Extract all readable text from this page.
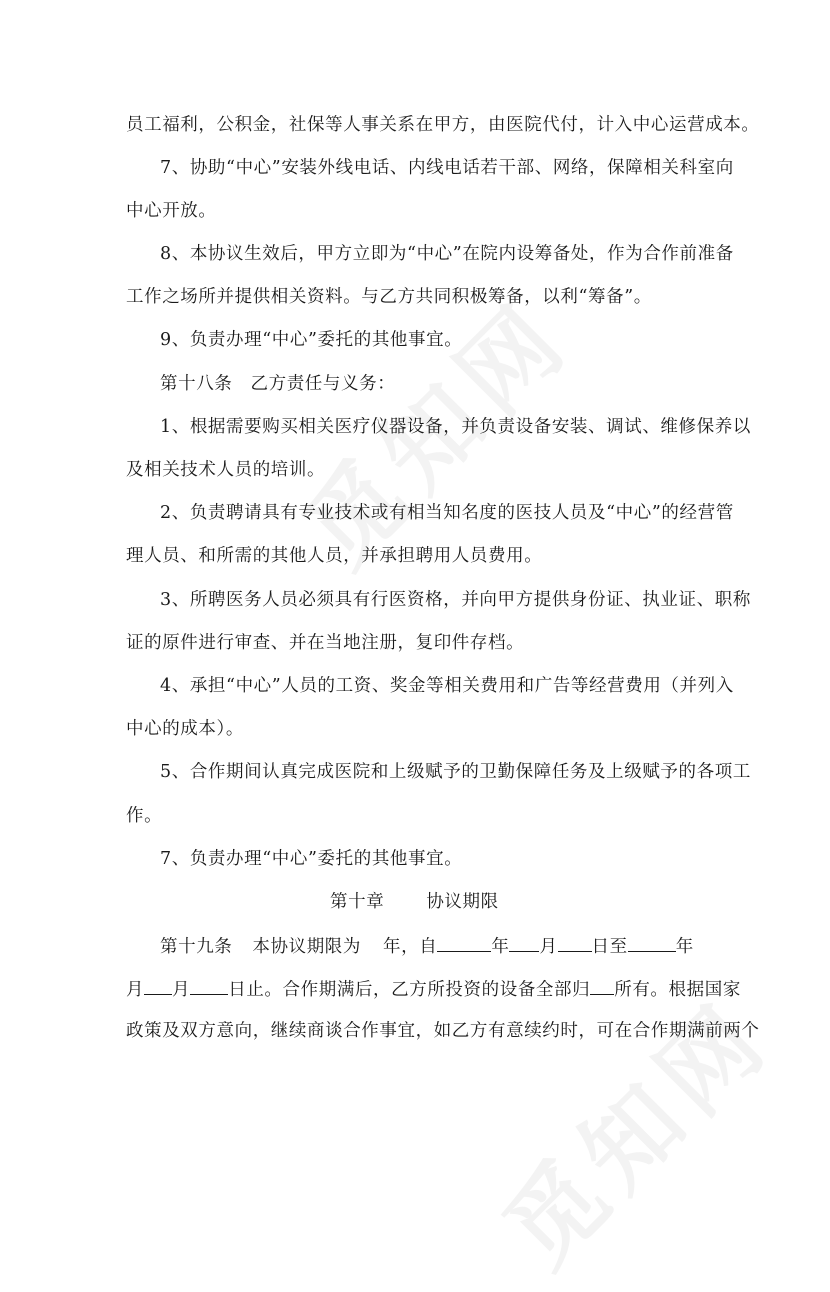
员工福利，公积金，社保等人事关系在甲方，由医院代付，计入中心运营成本。
7、协助“中心”安装外线电话、内线电话若干部、网络，保障相关科室向
中心开放。
8、本协议生效后，甲方立即为“中心”在院内设筹备处，作为合作前准备
工作之场所并提供相关资料。与乙方共同积极筹备，以利“筹备”。
9、负责办理“中心”委托的其他事宜。
第十八条　乙方责任与义务：
1、根据需要购买相关医疗仪器设备，并负责设备安装、调试、维修保养以
及相关技术人员的培训。
2、负责聘请具有专业技术或有相当知名度的医技人员及“中心”的经营管
理人员、和所需的其他人员，并承担聘用人员费用。
3、所聘医务人员必须具有行医资格，并向甲方提供身份证、执业证、职称
证的原件进行审查、并在当地注册，复印件存档。
4、承担“中心”人员的工资、奖金等相关费用和广告等经营费用（并列入
中心的成本）。
5、合作期间认真完成医院和上级赋予的卫勤保障任务及上级赋予的各项工
作。
7、负责办理“中心”委托的其他事宜。
第十章 协议期限
第十九条 本协议期限为 年，自	年 月 日至	年
月 月 日止。合作期满后，乙方所投资的设备全部归 所有。根据国家
政策及双方意向，继续商谈合作事宜，如乙方有意续约时，可在合作期满前两个
